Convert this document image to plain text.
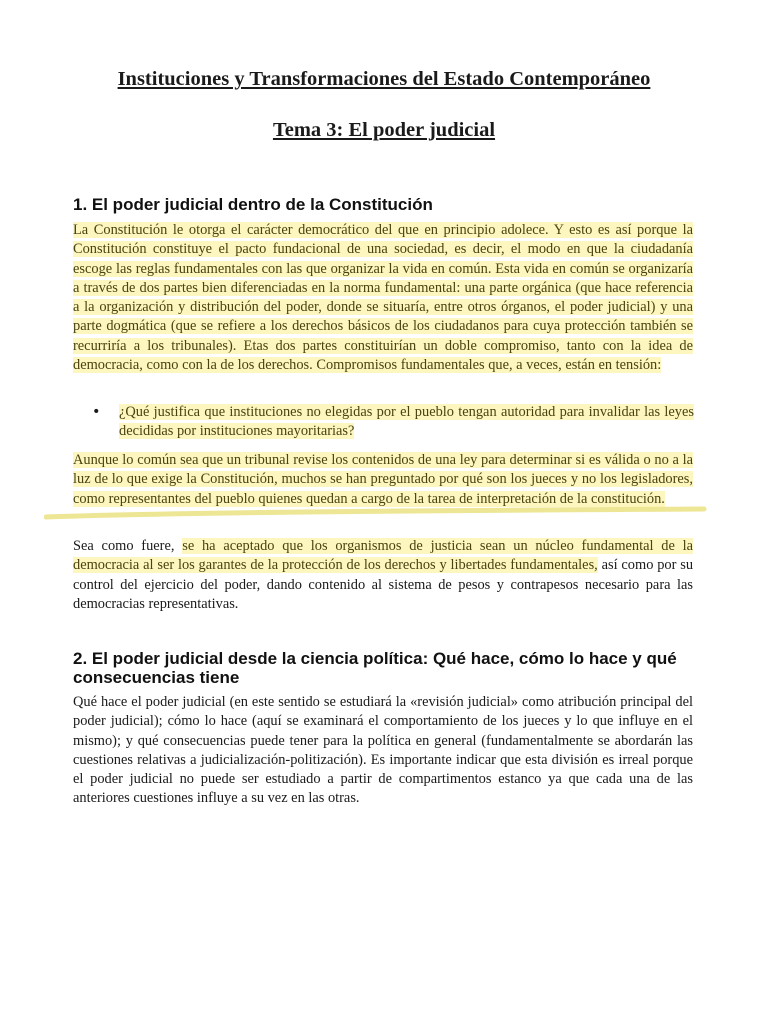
Instituciones y Transformaciones del Estado Contemporáneo
Tema 3: El poder judicial
1. El poder judicial dentro de la Constitución

La Constitución le otorga el carácter democrático del que en principio adolece. Y esto es así porque la Constitución constituye el pacto fundacional de una sociedad, es decir, el modo en que la ciudadanía escoge las reglas fundamentales con las que organizar la vida en común. Esta vida en común se organizaría a través de dos partes bien diferenciadas en la norma fundamental: una parte orgánica (que hace referencia a la organización y distribución del poder, donde se situaría, entre otros órganos, el poder judicial) y una parte dogmática (que se refiere a los derechos básicos de los ciudadanos para cuya protección también se recurriría a los tribunales). Etas dos partes constituirían un doble compromiso, tanto con la idea de democracia, como con la de los derechos. Compromisos fundamentales que, a veces, están en tensión:

• ¿Qué justifica que instituciones no elegidas por el pueblo tengan autoridad para invalidar las leyes decididas por instituciones mayoritarias?

Aunque lo común sea que un tribunal revise los contenidos de una ley para determinar si es válida o no a la luz de lo que exige la Constitución, muchos se han preguntado por qué son los jueces y no los legisladores, como representantes del pueblo quienes quedan a cargo de la tarea de interpretación de la constitución.

Sea como fuere, se ha aceptado que los organismos de justicia sean un núcleo fundamental de la democracia al ser los garantes de la protección de los derechos y libertades fundamentales, así como por su control del ejercicio del poder, dando contenido al sistema de pesos y contrapesos necesario para las democracias representativas.

2. El poder judicial desde la ciencia política: Qué hace, cómo lo hace y qué consecuencias tiene

Qué hace el poder judicial (en este sentido se estudiará la «revisión judicial» como atribución principal del poder judicial); cómo lo hace (aquí se examinará el comportamiento de los jueces y lo que influye en el mismo); y qué consecuencias puede tener para la política en general (fundamentalmente se abordarán las cuestiones relativas a judicialización-politización). Es importante indicar que esta división es irreal porque el poder judicial no puede ser estudiado a partir de compartimentos estanco ya que cada una de las anteriores cuestiones influye a su vez en las otras.
